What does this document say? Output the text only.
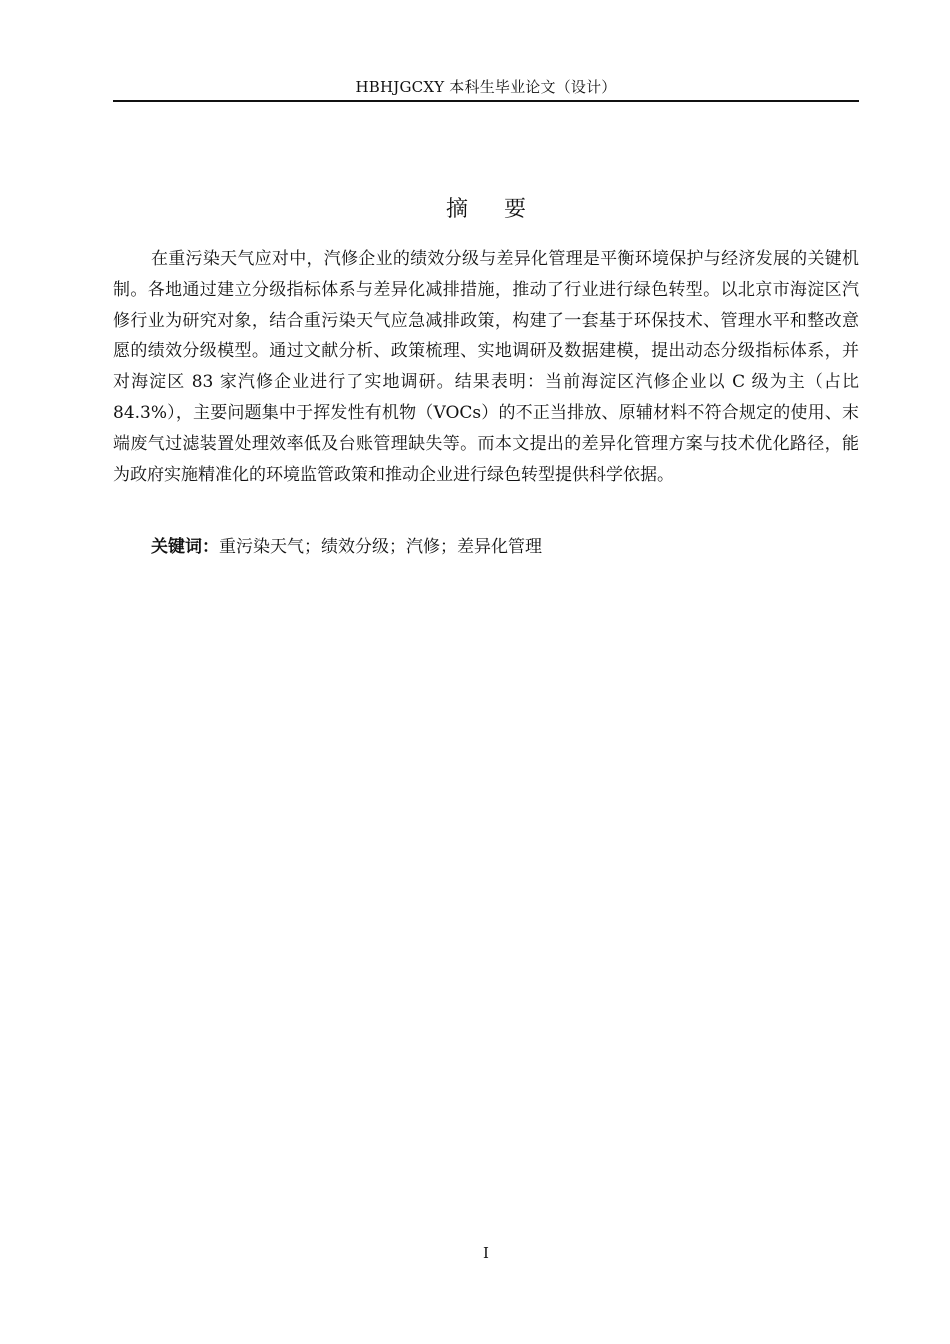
HBHJGCXY 本科生毕业论文（设计）
摘要

在重污染天气应对中，汽修企业的绩效分级与差异化管理是平衡环境保护与经济发展的关键机制。各地通过建立分级指标体系与差异化减排措施，推动了行业进行绿色转型。以北京市海淀区汽修行业为研究对象，结合重污染天气应急减排政策，构建了一套基于环保技术、管理水平和整改意愿的绩效分级模型。通过文献分析、政策梳理、实地调研及数据建模，提出动态分级指标体系，并对海淀区 83 家汽修企业进行了实地调研。结果表明：当前海淀区汽修企业以 C 级为主（占比 84.3%），主要问题集中于挥发性有机物（VOCs）的不正当排放、原辅材料不符合规定的使用、末端废气过滤装置处理效率低及台账管理缺失等。而本文提出的差异化管理方案与技术优化路径，能为政府实施精准化的环境监管政策和推动企业进行绿色转型提供科学依据。

关键词：重污染天气；绩效分级；汽修；差异化管理

I
